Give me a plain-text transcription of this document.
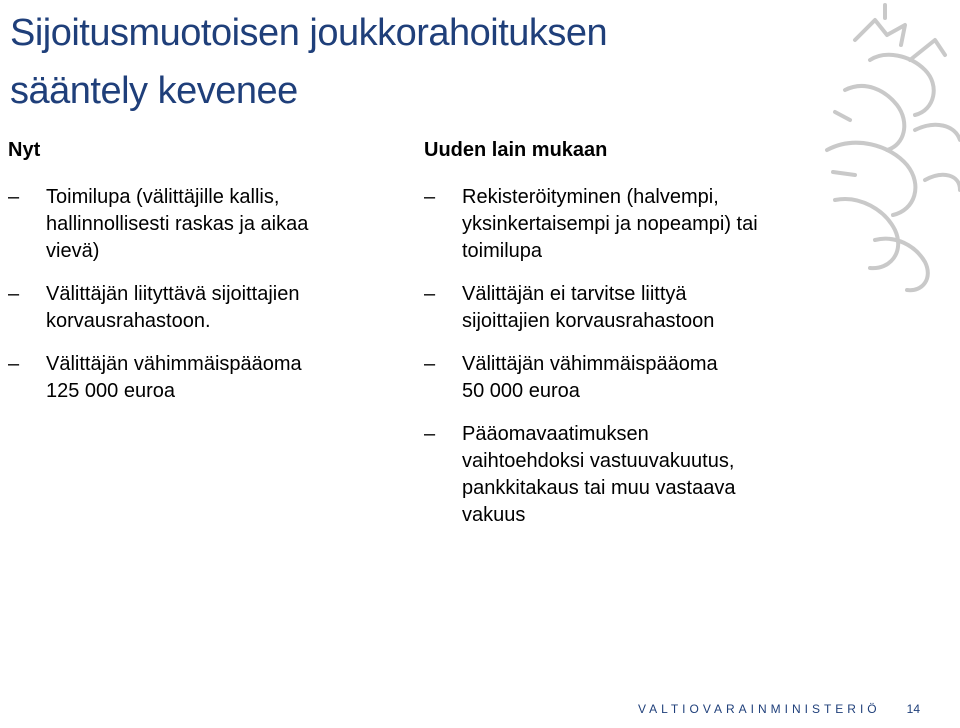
Sijoitusmuotoisen joukkorahoituksen
sääntely kevenee
Nyt
– Toimilupa (välittäjille kallis,
hallinnollisesti raskas ja aikaa
vievä)
– Välittäjän liityttävä sijoittajien
korvausrahastoon.
– Välittäjän vähimmäispääoma
125 000 euroa
Uuden lain mukaan
– Rekisteröityminen (halvempi,
yksinkertaisempi ja nopeampi) tai
toimilupa
– Välittäjän ei tarvitse liittyä
sijoittajien korvausrahastoon
– Välittäjän vähimmäispääoma
50 000 euroa
– Pääomavaatimuksen
vaihtoehdoksi vastuuvakuutus,
pankkitakaus tai muu vastaava
vakuus
VALTIOVARAINMINISTERIÖ 14
